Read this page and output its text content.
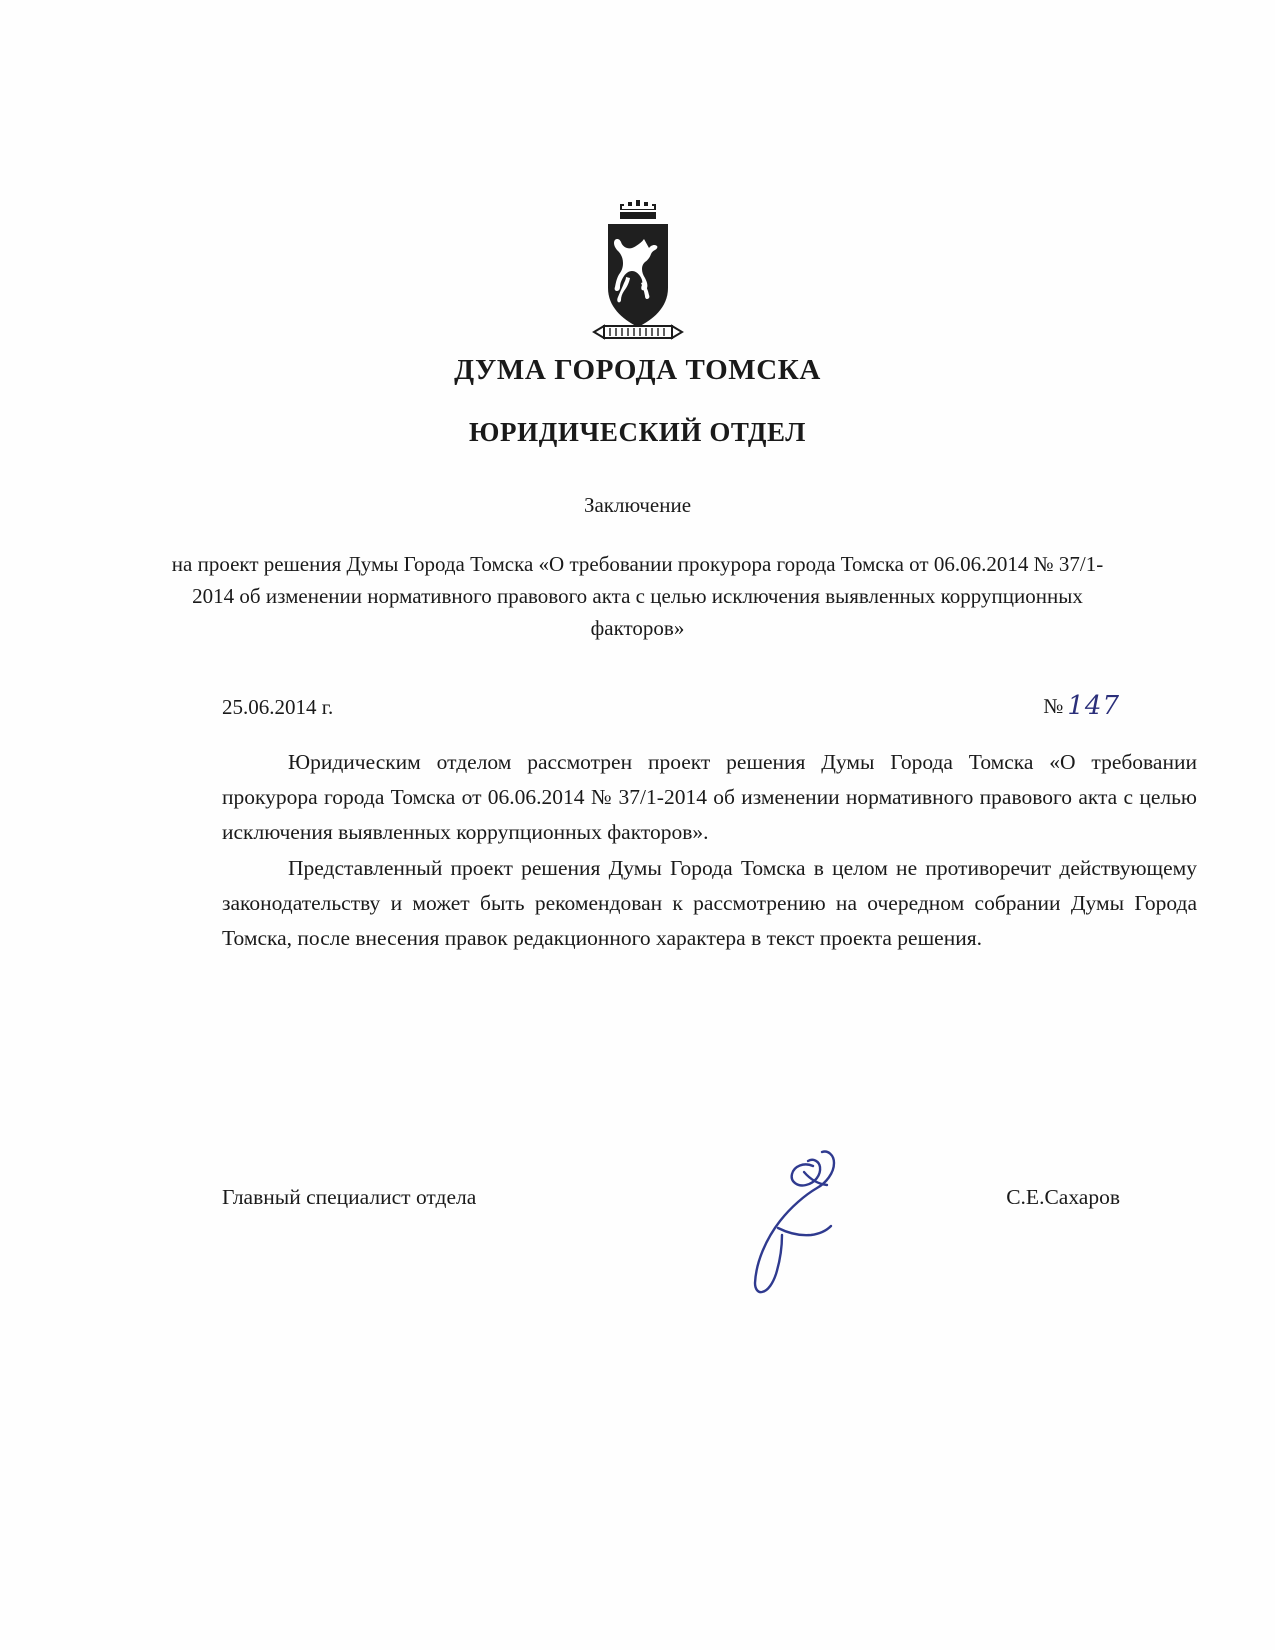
ДУМА ГОРОДА ТОМСКА
ЮРИДИЧЕСКИЙ ОТДЕЛ
Заключение
на проект решения Думы Города Томска «О требовании прокурора города Томска от 06.06.2014 № 37/1-2014 об изменении нормативного правового акта с целью исключения выявленных коррупционных факторов»
25.06.2014 г.	№ 147

Юридическим отделом рассмотрен проект решения Думы Города Томска «О требовании прокурора города Томска от 06.06.2014 № 37/1-2014 об изменении нормативного правового акта с целью исключения выявленных коррупционных факторов».

Представленный проект решения Думы Города Томска в целом не противоречит действующему законодательству и может быть рекомендован к рассмотрению на очередном собрании Думы Города Томска, после внесения правок редакционного характера в текст проекта решения.

Главный специалист отдела	С.Е.Сахаров
